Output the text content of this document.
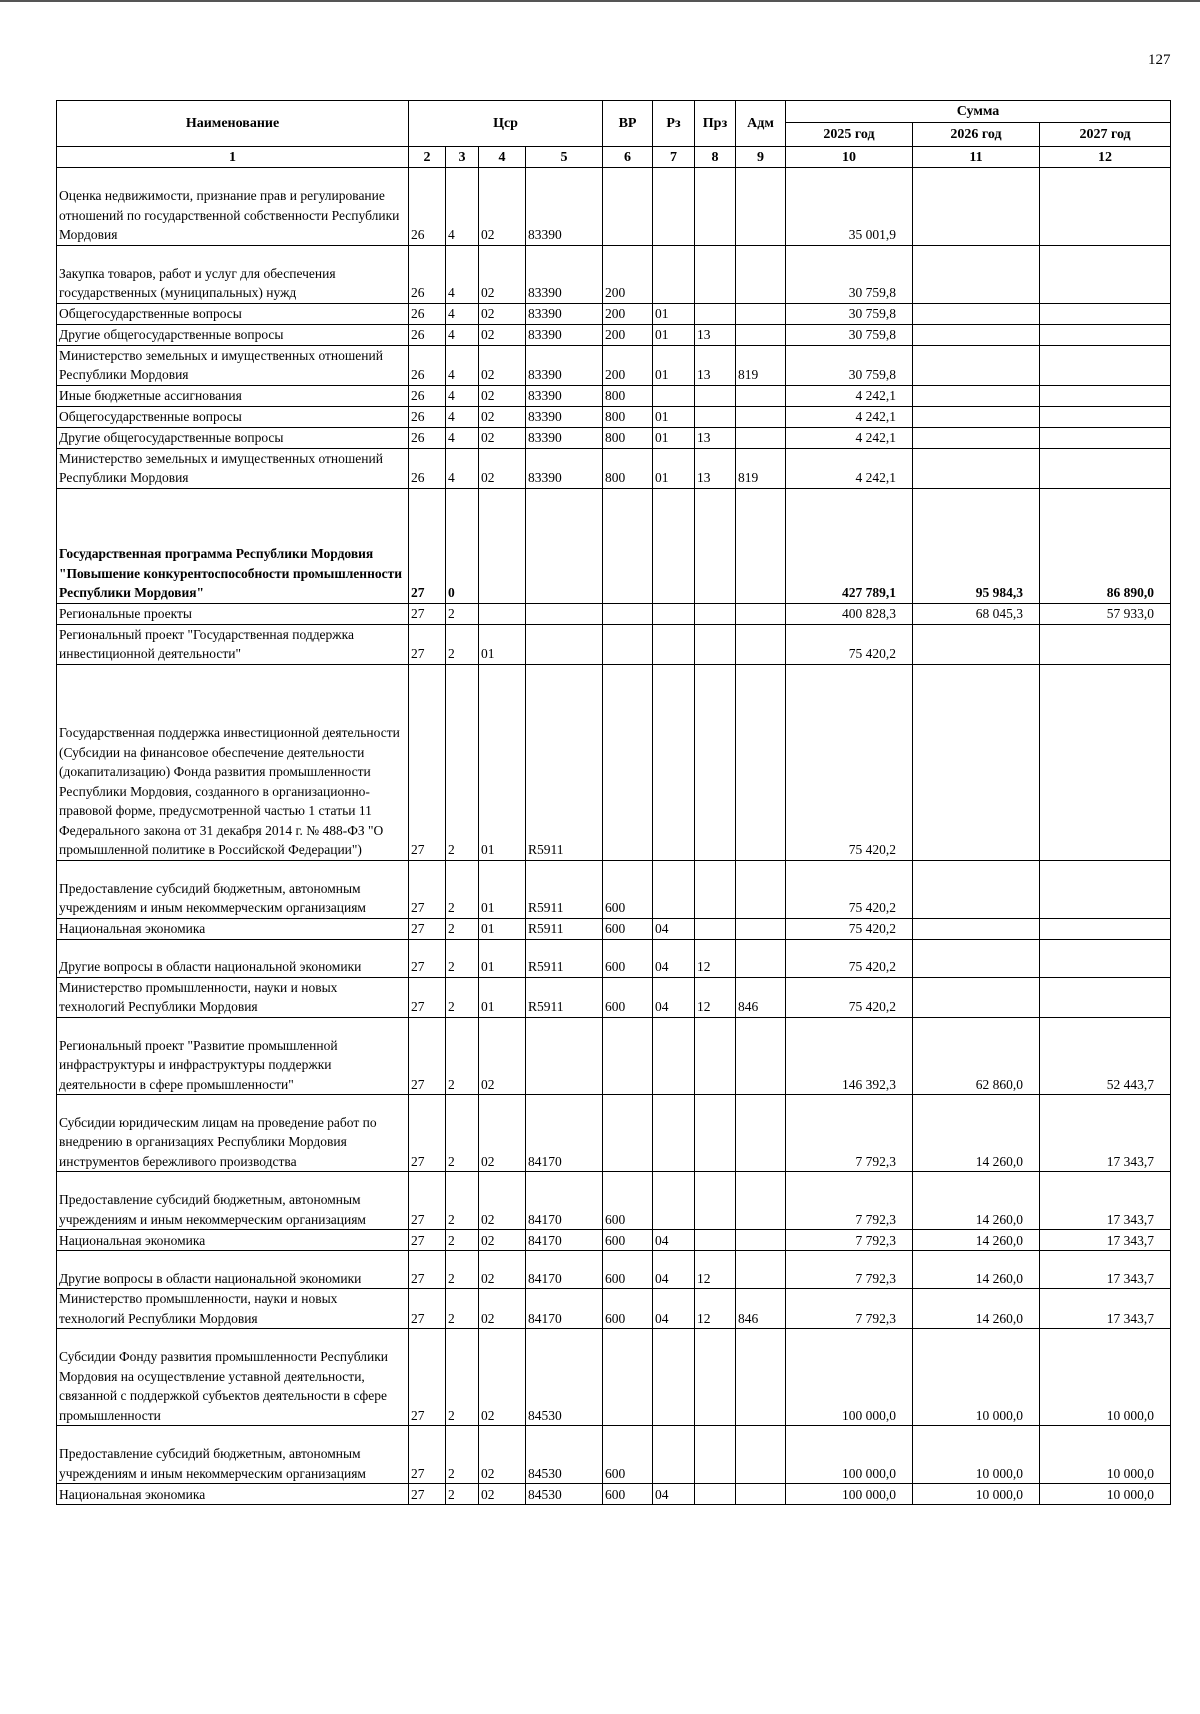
127
Наименование	Цср				ВР	Рз	Прз	Адм	Сумма		
									2025 год	2026 год	2027 год
1	2	3	4	5	6	7	8	9	10	11	12
Оценка недвижимости, признание прав и регулирование отношений по государственной собственности Республики Мордовия	26	4	02	83390					35 001,9		
Закупка товаров, работ и услуг для обеспечения государственных (муниципальных) нужд	26	4	02	83390	200				30 759,8		
Общегосударственные вопросы	26	4	02	83390	200	01			30 759,8		
Другие общегосударственные вопросы	26	4	02	83390	200	01	13		30 759,8		
Министерство земельных и имущественных отношений Республики Мордовия	26	4	02	83390	200	01	13	819	30 759,8		
Иные бюджетные ассигнования	26	4	02	83390	800				4 242,1		
Общегосударственные вопросы	26	4	02	83390	800	01			4 242,1		
Другие общегосударственные вопросы	26	4	02	83390	800	01	13		4 242,1		
Министерство земельных и имущественных отношений Республики Мордовия	26	4	02	83390	800	01	13	819	4 242,1		
Государственная программа Республики Мордовия "Повышение конкурентоспособности промышленности Республики Мордовия"	27	0							427 789,1	95 984,3	86 890,0
Региональные проекты	27	2							400 828,3	68 045,3	57 933,0
Региональный проект "Государственная поддержка инвестиционной деятельности"	27	2	01						75 420,2		
Государственная поддержка инвестиционной деятельности (Субсидии на финансовое обеспечение деятельности (докапитализацию) Фонда развития промышленности Республики Мордовия, созданного в организационно-правовой форме, предусмотренной частью 1 статьи 11 Федерального закона от 31 декабря 2014 г. № 488-ФЗ "О промышленной политике в Российской Федерации")	27	2	01	R5911					75 420,2		
Предоставление субсидий бюджетным, автономным учреждениям и иным некоммерческим организациям	27	2	01	R5911	600				75 420,2		
Национальная экономика	27	2	01	R5911	600	04			75 420,2		
Другие вопросы в области национальной экономики	27	2	01	R5911	600	04	12		75 420,2		
Министерство промышленности, науки и новых технологий Республики Мордовия	27	2	01	R5911	600	04	12	846	75 420,2		
Региональный проект "Развитие промышленной инфраструктуры и инфраструктуры поддержки деятельности в сфере промышленности"	27	2	02						146 392,3	62 860,0	52 443,7
Субсидии юридическим лицам на проведение работ по внедрению в организациях Республики Мордовия инструментов бережливого производства	27	2	02	84170					7 792,3	14 260,0	17 343,7
Предоставление субсидий бюджетным, автономным учреждениям и иным некоммерческим организациям	27	2	02	84170	600				7 792,3	14 260,0	17 343,7
Национальная экономика	27	2	02	84170	600	04			7 792,3	14 260,0	17 343,7
Другие вопросы в области национальной экономики	27	2	02	84170	600	04	12		7 792,3	14 260,0	17 343,7
Министерство промышленности, науки и новых технологий Республики Мордовия	27	2	02	84170	600	04	12	846	7 792,3	14 260,0	17 343,7
Субсидии Фонду развития промышленности Республики Мордовия на осуществление уставной деятельности, связанной с поддержкой субъектов деятельности в сфере промышленности	27	2	02	84530					100 000,0	10 000,0	10 000,0
Предоставление субсидий бюджетным, автономным учреждениям и иным некоммерческим организациям	27	2	02	84530	600				100 000,0	10 000,0	10 000,0
Национальная экономика	27	2	02	84530	600	04			100 000,0	10 000,0	10 000,0
